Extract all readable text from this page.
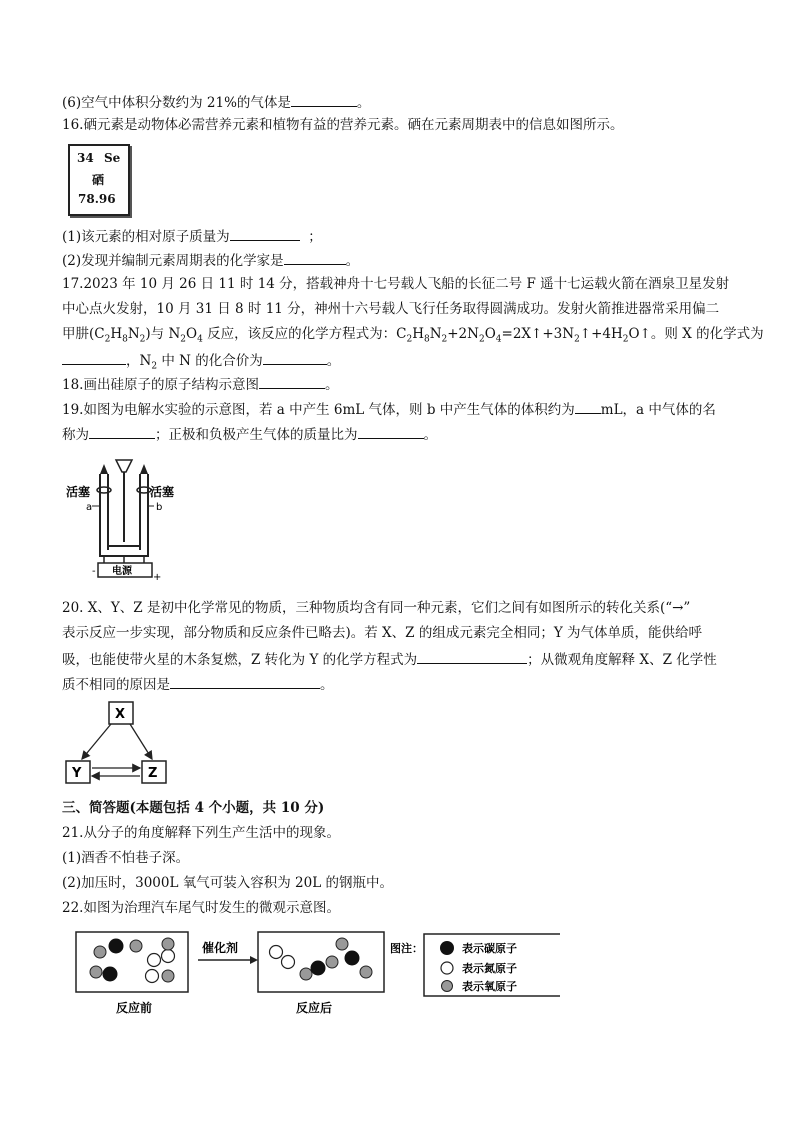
(6)空气中体积分数约为 21%的气体是	。
16.硒元素是动物体必需营养元素和植物有益的营养元素。硒在元素周期表中的信息如图所示。
34 Se
硒
78.96
(1)该元素的相对原子质量为	；
(2)发现并编制元素周期表的化学家是	。
17.2023 年 10 月 26 日 11 时 14 分，搭载神舟十七号载人飞船的长征二号 F 遥十七运载火箭在酒泉卫星发射
中心点火发射，10 月 31 日 8 时 11 分，神州十六号载人飞行任务取得圆满成功。发射火箭推进器常采用偏二
甲肼$(C_2H_8N_2)$与 $N_2O_4$ 反应，该反应的化学方程式为：$C_2H_8N_2+2N_2O_4=2X↑+3N_2↑+4H_2O↑$。则 X 的化学式为
，$N_2$ 中 N 的化合价为	。
18.画出硅原子的原子结构示意图	。
19.如图为电解水实验的示意图，若 a 中产生 6mL 气体，则 b 中产生气体的体积约为 mL，a 中气体的名
称为	；正极和负极产生气体的质量比为	。
电源
-
+
活塞	活塞
a	b
20. X、Y、Z 是初中化学常见的物质，三种物质均含有同一种元素，它们之间有如图所示的转化关系(“→”
表示反应一步实现，部分物质和反应条件已略去)。若 X、Z 的组成元素完全相同；Y 为气体单质，能供给呼
吸，也能使带火星的木条复燃，Z 转化为 Y 的化学方程式为	；从微观角度解释 X、Z 化学性
质不相同的原因是	。
X
Y	Z
三、简答题(本题包括 4 个小题，共 10 分)
21.从分子的角度解释下列生产生活中的现象。
(1)酒香不怕巷子深。
(2)加压时，3000L 氧气可装入容积为 20L 的钢瓶中。
22.如图为治理汽车尾气时发生的微观示意图。
催化剂	图注：	表示碳原子
表示氮原子
表示氧原子
反应前	反应后
